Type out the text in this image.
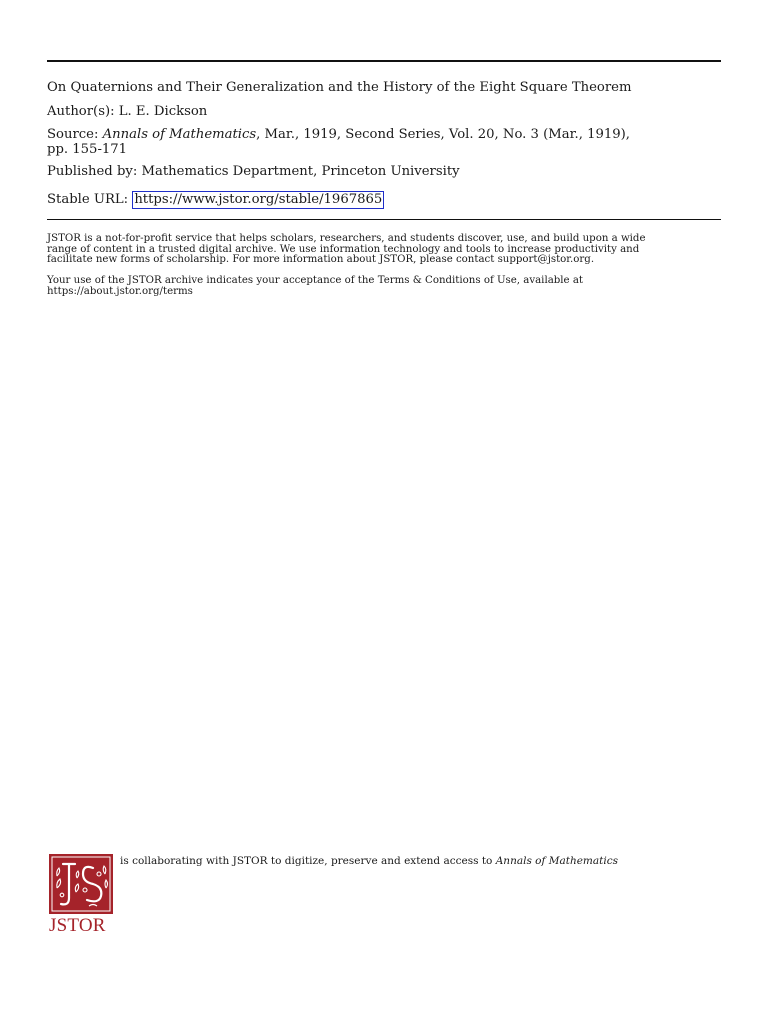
On Quaternions and Their Generalization and the History of the Eight Square Theorem
Author(s): L. E. Dickson
Source: Annals of Mathematics, Mar., 1919, Second Series, Vol. 20, No. 3 (Mar., 1919),
pp. 155-171
Published by: Mathematics Department, Princeton University
Stable URL: https://www.jstor.org/stable/1967865
JSTOR is a not-for-profit service that helps scholars, researchers, and students discover, use, and build upon a wide
range of content in a trusted digital archive. We use information technology and tools to increase productivity and
facilitate new forms of scholarship. For more information about JSTOR, please contact support@jstor.org.
Your use of the JSTOR archive indicates your acceptance of the Terms & Conditions of Use, available at
https://about.jstor.org/terms
JSTOR
is collaborating with JSTOR to digitize, preserve and extend access to Annals of Mathematics
